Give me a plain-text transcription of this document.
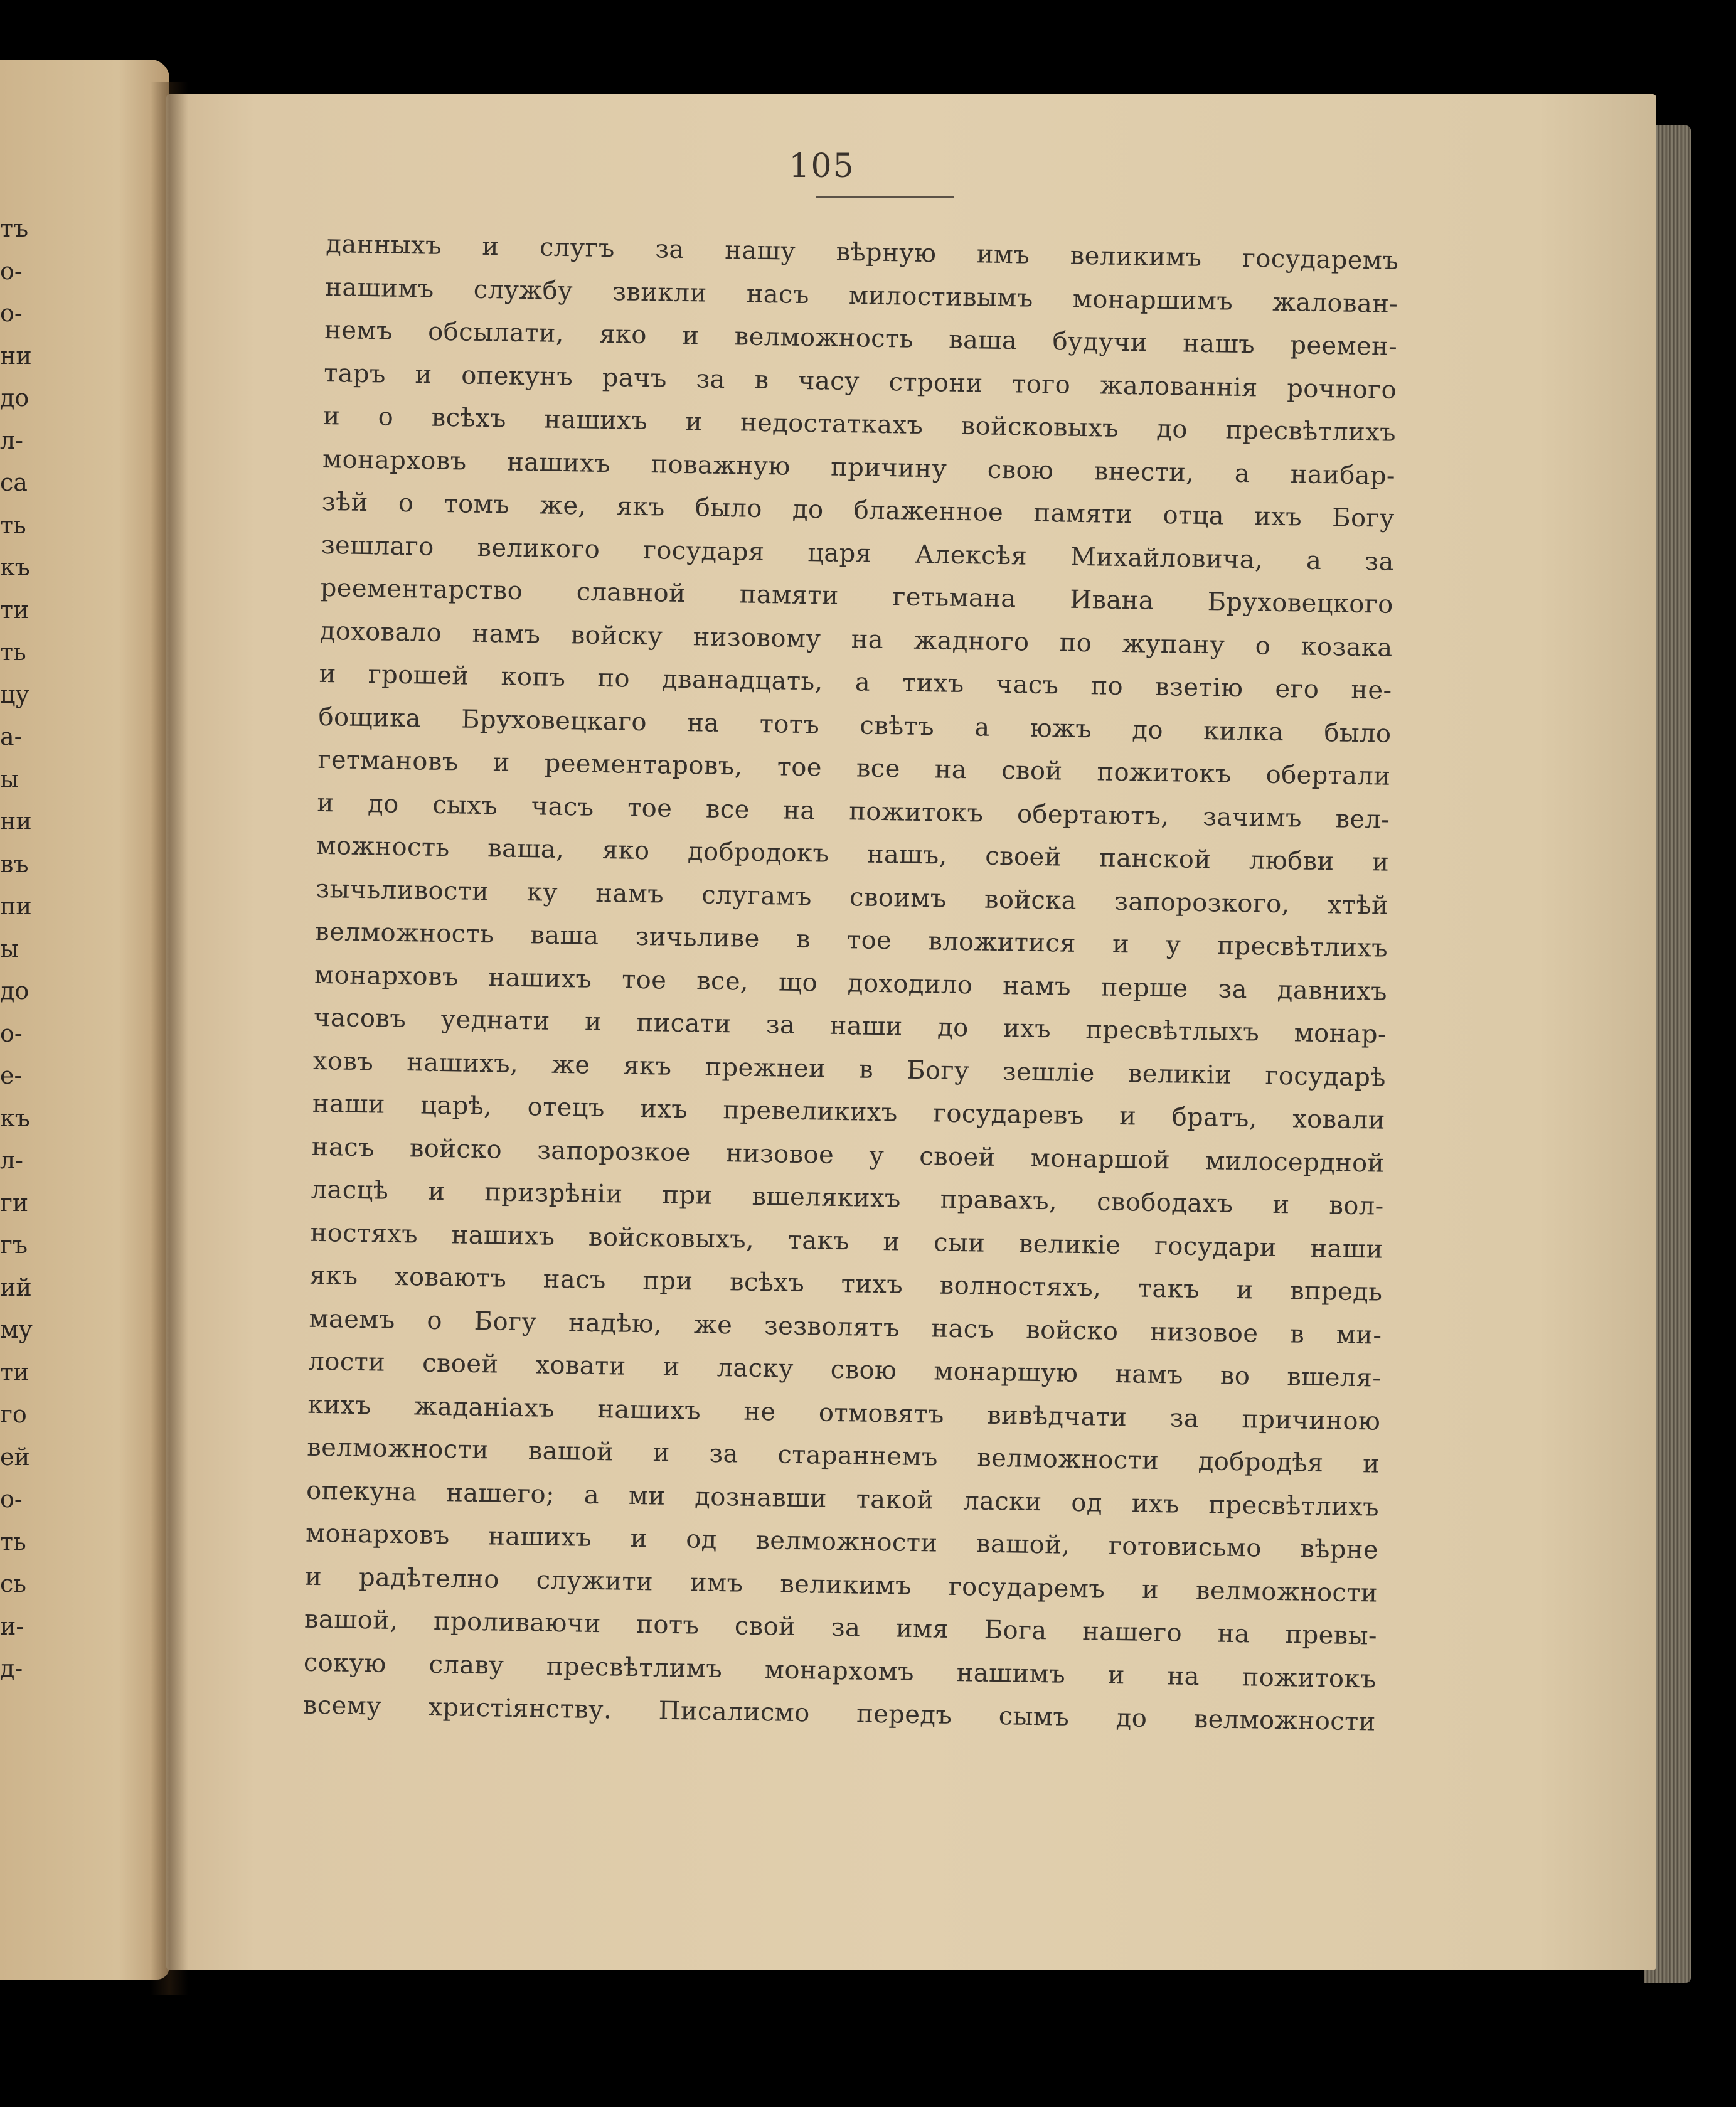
тъ
о-
о-
ни
до
л-
са
ть
къ
ти
ть
цу
а-
ы
ни
въ
пи
ы
до
о-
е-
къ
л-
ги
гъ
ий
му
ти
го
ей
о-
ть
сь
и-
д-
105
данныхъ и слугъ за нашу вѣрную имъ великимъ государемъ
нашимъ службу звикли насъ милостивымъ монаршимъ жалован-
немъ обсылати, яко и велможность ваша будучи нашъ реемен-
таръ и опекунъ рачъ за в часу строни того жалованнія рочного
и о всѣхъ нашихъ и недостаткахъ войсковыхъ до пресвѣтлихъ
монарховъ нашихъ поважную причину свою внести, а наибар-
зѣй о томъ же, якъ было до блаженное памяти отца ихъ Богу
зешлаго великого государя царя Алексѣя Михайловича, а за
реементарство славной памяти гетьмана Ивана Бруховецкого
доховало намъ войску низовому на жадного по жупану о козака
и грошей копъ по дванадцать, а тихъ часъ по взетію его не-
бощика Бруховецкаго на тотъ свѣтъ а южъ до килка было
гетмановъ и реементаровъ, тое все на свой пожитокъ обертали
и до сыхъ часъ тое все на пожитокъ обертаютъ, зачимъ вел-
можность ваша, яко добродокъ нашъ, своей панской любви и
зычьливости ку намъ слугамъ своимъ войска запорозкого, хтѣй
велможность ваша зичьливе в тое вложитися и у пресвѣтлихъ
монарховъ нашихъ тое все, що доходило намъ перше за давнихъ
часовъ уеднати и писати за наши до ихъ пресвѣтлыхъ монар-
ховъ нашихъ, же якъ прежнеи в Богу зешліе великіи государѣ
наши царѣ, отецъ ихъ превеликихъ государевъ и братъ, ховали
насъ войско запорозкое низовое у своей монаршой милосердной
ласцѣ и призрѣніи при вшелякихъ правахъ, свободахъ и вол-
ностяхъ нашихъ войсковыхъ, такъ и сыи великіе государи наши
якъ ховаютъ насъ при всѣхъ тихъ волностяхъ, такъ и впредь
маемъ о Богу надѣю, же зезволятъ насъ войско низовое в ми-
лости своей ховати и ласку свою монаршую намъ во вшеля-
кихъ жаданіахъ нашихъ не отмовятъ вивѣдчати за причиною
велможности вашой и за стараннемъ велможности добродѣя и
опекуна нашего; а ми дознавши такой ласки од ихъ пресвѣтлихъ
монарховъ нашихъ и од велможности вашой, готовисьмо вѣрне
и радѣтелно служити имъ великимъ государемъ и велможности
вашой, проливаючи потъ свой за имя Бога нашего на превы-
сокую славу пресвѣтлимъ монархомъ нашимъ и на пожитокъ
всему христіянству. Писалисмо передъ сымъ до велможности
